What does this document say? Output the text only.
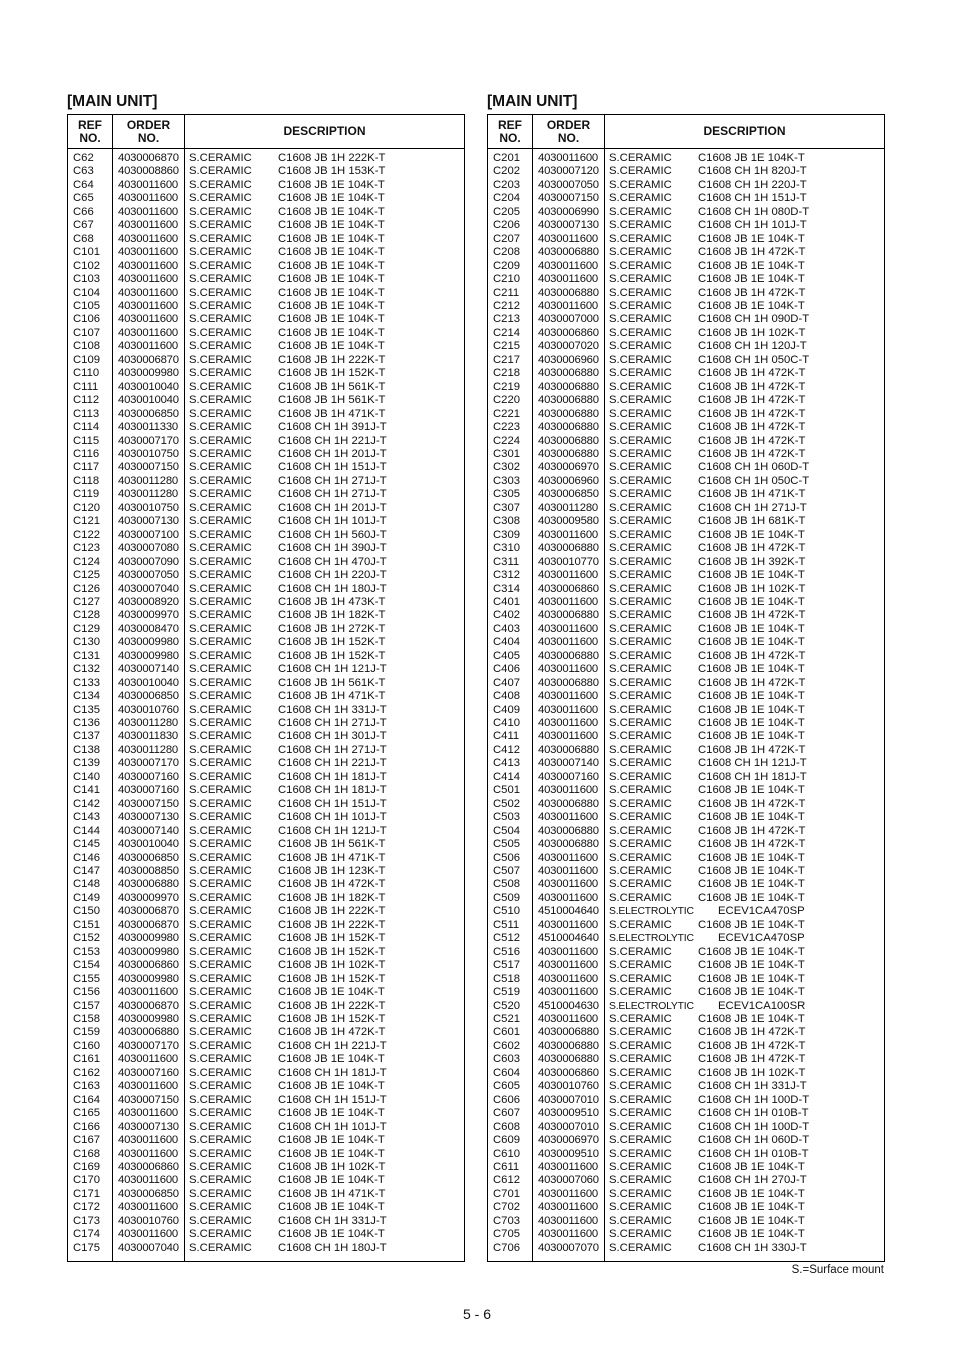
[MAIN UNIT]
REF
NO.
ORDER
NO.	DESCRIPTION
C62 4030006870 S.CERAMIC C1608 JB 1H 222K-T
C63 4030008860 S.CERAMIC C1608 JB 1H 153K-T
C64 4030011600 S.CERAMIC C1608 JB 1E 104K-T
C65 4030011600 S.CERAMIC C1608 JB 1E 104K-T
C66 4030011600 S.CERAMIC C1608 JB 1E 104K-T
C67 4030011600 S.CERAMIC C1608 JB 1E 104K-T
C68 4030011600 S.CERAMIC C1608 JB 1E 104K-T
C101 4030011600 S.CERAMIC C1608 JB 1E 104K-T
C102 4030011600 S.CERAMIC C1608 JB 1E 104K-T
C103 4030011600 S.CERAMIC C1608 JB 1E 104K-T
C104 4030011600 S.CERAMIC C1608 JB 1E 104K-T
C105 4030011600 S.CERAMIC C1608 JB 1E 104K-T
C106 4030011600 S.CERAMIC C1608 JB 1E 104K-T
C107 4030011600 S.CERAMIC C1608 JB 1E 104K-T
C108 4030011600 S.CERAMIC C1608 JB 1E 104K-T
C109 4030006870 S.CERAMIC C1608 JB 1H 222K-T
C110 4030009980 S.CERAMIC C1608 JB 1H 152K-T
C111 4030010040 S.CERAMIC C1608 JB 1H 561K-T
C112 4030010040 S.CERAMIC C1608 JB 1H 561K-T
C113 4030006850 S.CERAMIC C1608 JB 1H 471K-T
C114 4030011330 S.CERAMIC C1608 CH 1H 391J-T
C115 4030007170 S.CERAMIC C1608 CH 1H 221J-T
C116 4030010750 S.CERAMIC C1608 CH 1H 201J-T
C117 4030007150 S.CERAMIC C1608 CH 1H 151J-T
C118 4030011280 S.CERAMIC C1608 CH 1H 271J-T
C119 4030011280 S.CERAMIC C1608 CH 1H 271J-T
C120 4030010750 S.CERAMIC C1608 CH 1H 201J-T
C121 4030007130 S.CERAMIC C1608 CH 1H 101J-T
C122 4030007100 S.CERAMIC C1608 CH 1H 560J-T
C123 4030007080 S.CERAMIC C1608 CH 1H 390J-T
C124 4030007090 S.CERAMIC C1608 CH 1H 470J-T
C125 4030007050 S.CERAMIC C1608 CH 1H 220J-T
C126 4030007040 S.CERAMIC C1608 CH 1H 180J-T
C127 4030008920 S.CERAMIC C1608 JB 1H 473K-T
C128 4030009970 S.CERAMIC C1608 JB 1H 182K-T
C129 4030008470 S.CERAMIC C1608 JB 1H 272K-T
C130 4030009980 S.CERAMIC C1608 JB 1H 152K-T
C131 4030009980 S.CERAMIC C1608 JB 1H 152K-T
C132 4030007140 S.CERAMIC C1608 CH 1H 121J-T
C133 4030010040 S.CERAMIC C1608 JB 1H 561K-T
C134 4030006850 S.CERAMIC C1608 JB 1H 471K-T
C135 4030010760 S.CERAMIC C1608 CH 1H 331J-T
C136 4030011280 S.CERAMIC C1608 CH 1H 271J-T
C137 4030011830 S.CERAMIC C1608 CH 1H 301J-T
C138 4030011280 S.CERAMIC C1608 CH 1H 271J-T
C139 4030007170 S.CERAMIC C1608 CH 1H 221J-T
C140 4030007160 S.CERAMIC C1608 CH 1H 181J-T
C141 4030007160 S.CERAMIC C1608 CH 1H 181J-T
C142 4030007150 S.CERAMIC C1608 CH 1H 151J-T
C143 4030007130 S.CERAMIC C1608 CH 1H 101J-T
C144 4030007140 S.CERAMIC C1608 CH 1H 121J-T
C145 4030010040 S.CERAMIC C1608 JB 1H 561K-T
C146 4030006850 S.CERAMIC C1608 JB 1H 471K-T
C147 4030008850 S.CERAMIC C1608 JB 1H 123K-T
C148 4030006880 S.CERAMIC C1608 JB 1H 472K-T
C149 4030009970 S.CERAMIC C1608 JB 1H 182K-T
C150 4030006870 S.CERAMIC C1608 JB 1H 222K-T
C151 4030006870 S.CERAMIC C1608 JB 1H 222K-T
C152 4030009980 S.CERAMIC C1608 JB 1H 152K-T
C153 4030009980 S.CERAMIC C1608 JB 1H 152K-T
C154 4030006860 S.CERAMIC C1608 JB 1H 102K-T
C155 4030009980 S.CERAMIC C1608 JB 1H 152K-T
C156 4030011600 S.CERAMIC C1608 JB 1E 104K-T
C157 4030006870 S.CERAMIC C1608 JB 1H 222K-T
C158 4030009980 S.CERAMIC C1608 JB 1H 152K-T
C159 4030006880 S.CERAMIC C1608 JB 1H 472K-T
C160 4030007170 S.CERAMIC C1608 CH 1H 221J-T
C161 4030011600 S.CERAMIC C1608 JB 1E 104K-T
C162 4030007160 S.CERAMIC C1608 CH 1H 181J-T
C163 4030011600 S.CERAMIC C1608 JB 1E 104K-T
C164 4030007150 S.CERAMIC C1608 CH 1H 151J-T
C165 4030011600 S.CERAMIC C1608 JB 1E 104K-T
C166 4030007130 S.CERAMIC C1608 CH 1H 101J-T
C167 4030011600 S.CERAMIC C1608 JB 1E 104K-T
C168 4030011600 S.CERAMIC C1608 JB 1E 104K-T
C169 4030006860 S.CERAMIC C1608 JB 1H 102K-T
C170 4030011600 S.CERAMIC C1608 JB 1E 104K-T
C171 4030006850 S.CERAMIC C1608 JB 1H 471K-T
C172 4030011600 S.CERAMIC C1608 JB 1E 104K-T
C173 4030010760 S.CERAMIC C1608 CH 1H 331J-T
C174 4030011600 S.CERAMIC C1608 JB 1E 104K-T
C175 4030007040 S.CERAMIC C1608 CH 1H 180J-T
[MAIN UNIT]
REF
NO.
ORDER
NO.	DESCRIPTION
C201 4030011600 S.CERAMIC C1608 JB 1E 104K-T
C202 4030007120 S.CERAMIC C1608 CH 1H 820J-T
C203 4030007050 S.CERAMIC C1608 CH 1H 220J-T
C204 4030007150 S.CERAMIC C1608 CH 1H 151J-T
C205 4030006990 S.CERAMIC C1608 CH 1H 080D-T
C206 4030007130 S.CERAMIC C1608 CH 1H 101J-T
C207 4030011600 S.CERAMIC C1608 JB 1E 104K-T
C208 4030006880 S.CERAMIC C1608 JB 1H 472K-T
C209 4030011600 S.CERAMIC C1608 JB 1E 104K-T
C210 4030011600 S.CERAMIC C1608 JB 1E 104K-T
C211 4030006880 S.CERAMIC C1608 JB 1H 472K-T
C212 4030011600 S.CERAMIC C1608 JB 1E 104K-T
C213 4030007000 S.CERAMIC C1608 CH 1H 090D-T
C214 4030006860 S.CERAMIC C1608 JB 1H 102K-T
C215 4030007020 S.CERAMIC C1608 CH 1H 120J-T
C217 4030006960 S.CERAMIC C1608 CH 1H 050C-T
C218 4030006880 S.CERAMIC C1608 JB 1H 472K-T
C219 4030006880 S.CERAMIC C1608 JB 1H 472K-T
C220 4030006880 S.CERAMIC C1608 JB 1H 472K-T
C221 4030006880 S.CERAMIC C1608 JB 1H 472K-T
C223 4030006880 S.CERAMIC C1608 JB 1H 472K-T
C224 4030006880 S.CERAMIC C1608 JB 1H 472K-T
C301 4030006880 S.CERAMIC C1608 JB 1H 472K-T
C302 4030006970 S.CERAMIC C1608 CH 1H 060D-T
C303 4030006960 S.CERAMIC C1608 CH 1H 050C-T
C305 4030006850 S.CERAMIC C1608 JB 1H 471K-T
C307 4030011280 S.CERAMIC C1608 CH 1H 271J-T
C308 4030009580 S.CERAMIC C1608 JB 1H 681K-T
C309 4030011600 S.CERAMIC C1608 JB 1E 104K-T
C310 4030006880 S.CERAMIC C1608 JB 1H 472K-T
C311 4030010770 S.CERAMIC C1608 JB 1H 392K-T
C312 4030011600 S.CERAMIC C1608 JB 1E 104K-T
C314 4030006860 S.CERAMIC C1608 JB 1H 102K-T
C401 4030011600 S.CERAMIC C1608 JB 1E 104K-T
C402 4030006880 S.CERAMIC C1608 JB 1H 472K-T
C403 4030011600 S.CERAMIC C1608 JB 1E 104K-T
C404 4030011600 S.CERAMIC C1608 JB 1E 104K-T
C405 4030006880 S.CERAMIC C1608 JB 1H 472K-T
C406 4030011600 S.CERAMIC C1608 JB 1E 104K-T
C407 4030006880 S.CERAMIC C1608 JB 1H 472K-T
C408 4030011600 S.CERAMIC C1608 JB 1E 104K-T
C409 4030011600 S.CERAMIC C1608 JB 1E 104K-T
C410 4030011600 S.CERAMIC C1608 JB 1E 104K-T
C411 4030011600 S.CERAMIC C1608 JB 1E 104K-T
C412 4030006880 S.CERAMIC C1608 JB 1H 472K-T
C413 4030007140 S.CERAMIC C1608 CH 1H 121J-T
C414 4030007160 S.CERAMIC C1608 CH 1H 181J-T
C501 4030011600 S.CERAMIC C1608 JB 1E 104K-T
C502 4030006880 S.CERAMIC C1608 JB 1H 472K-T
C503 4030011600 S.CERAMIC C1608 JB 1E 104K-T
C504 4030006880 S.CERAMIC C1608 JB 1H 472K-T
C505 4030006880 S.CERAMIC C1608 JB 1H 472K-T
C506 4030011600 S.CERAMIC C1608 JB 1E 104K-T
C507 4030011600 S.CERAMIC C1608 JB 1E 104K-T
C508 4030011600 S.CERAMIC C1608 JB 1E 104K-T
C509 4030011600 S.CERAMIC C1608 JB 1E 104K-T
C510 4510004640 S.ELECTROLYTIC ECEV1CA470SP
C511 4030011600 S.CERAMIC C1608 JB 1E 104K-T
C512 4510004640 S.ELECTROLYTIC ECEV1CA470SP
C516 4030011600 S.CERAMIC C1608 JB 1E 104K-T
C517 4030011600 S.CERAMIC C1608 JB 1E 104K-T
C518 4030011600 S.CERAMIC C1608 JB 1E 104K-T
C519 4030011600 S.CERAMIC C1608 JB 1E 104K-T
C520 4510004630 S.ELECTROLYTIC ECEV1CA100SR
C521 4030011600 S.CERAMIC C1608 JB 1E 104K-T
C601 4030006880 S.CERAMIC C1608 JB 1H 472K-T
C602 4030006880 S.CERAMIC C1608 JB 1H 472K-T
C603 4030006880 S.CERAMIC C1608 JB 1H 472K-T
C604 4030006860 S.CERAMIC C1608 JB 1H 102K-T
C605 4030010760 S.CERAMIC C1608 CH 1H 331J-T
C606 4030007010 S.CERAMIC C1608 CH 1H 100D-T
C607 4030009510 S.CERAMIC C1608 CH 1H 010B-T
C608 4030007010 S.CERAMIC C1608 CH 1H 100D-T
C609 4030006970 S.CERAMIC C1608 CH 1H 060D-T
C610 4030009510 S.CERAMIC C1608 CH 1H 010B-T
C611 4030011600 S.CERAMIC C1608 JB 1E 104K-T
C612 4030007060 S.CERAMIC C1608 CH 1H 270J-T
C701 4030011600 S.CERAMIC C1608 JB 1E 104K-T
C702 4030011600 S.CERAMIC C1608 JB 1E 104K-T
C703 4030011600 S.CERAMIC C1608 JB 1E 104K-T
C705 4030011600 S.CERAMIC C1608 JB 1E 104K-T
C706 4030007070 S.CERAMIC C1608 CH 1H 330J-T
S.=Surface mount
5 - 6
